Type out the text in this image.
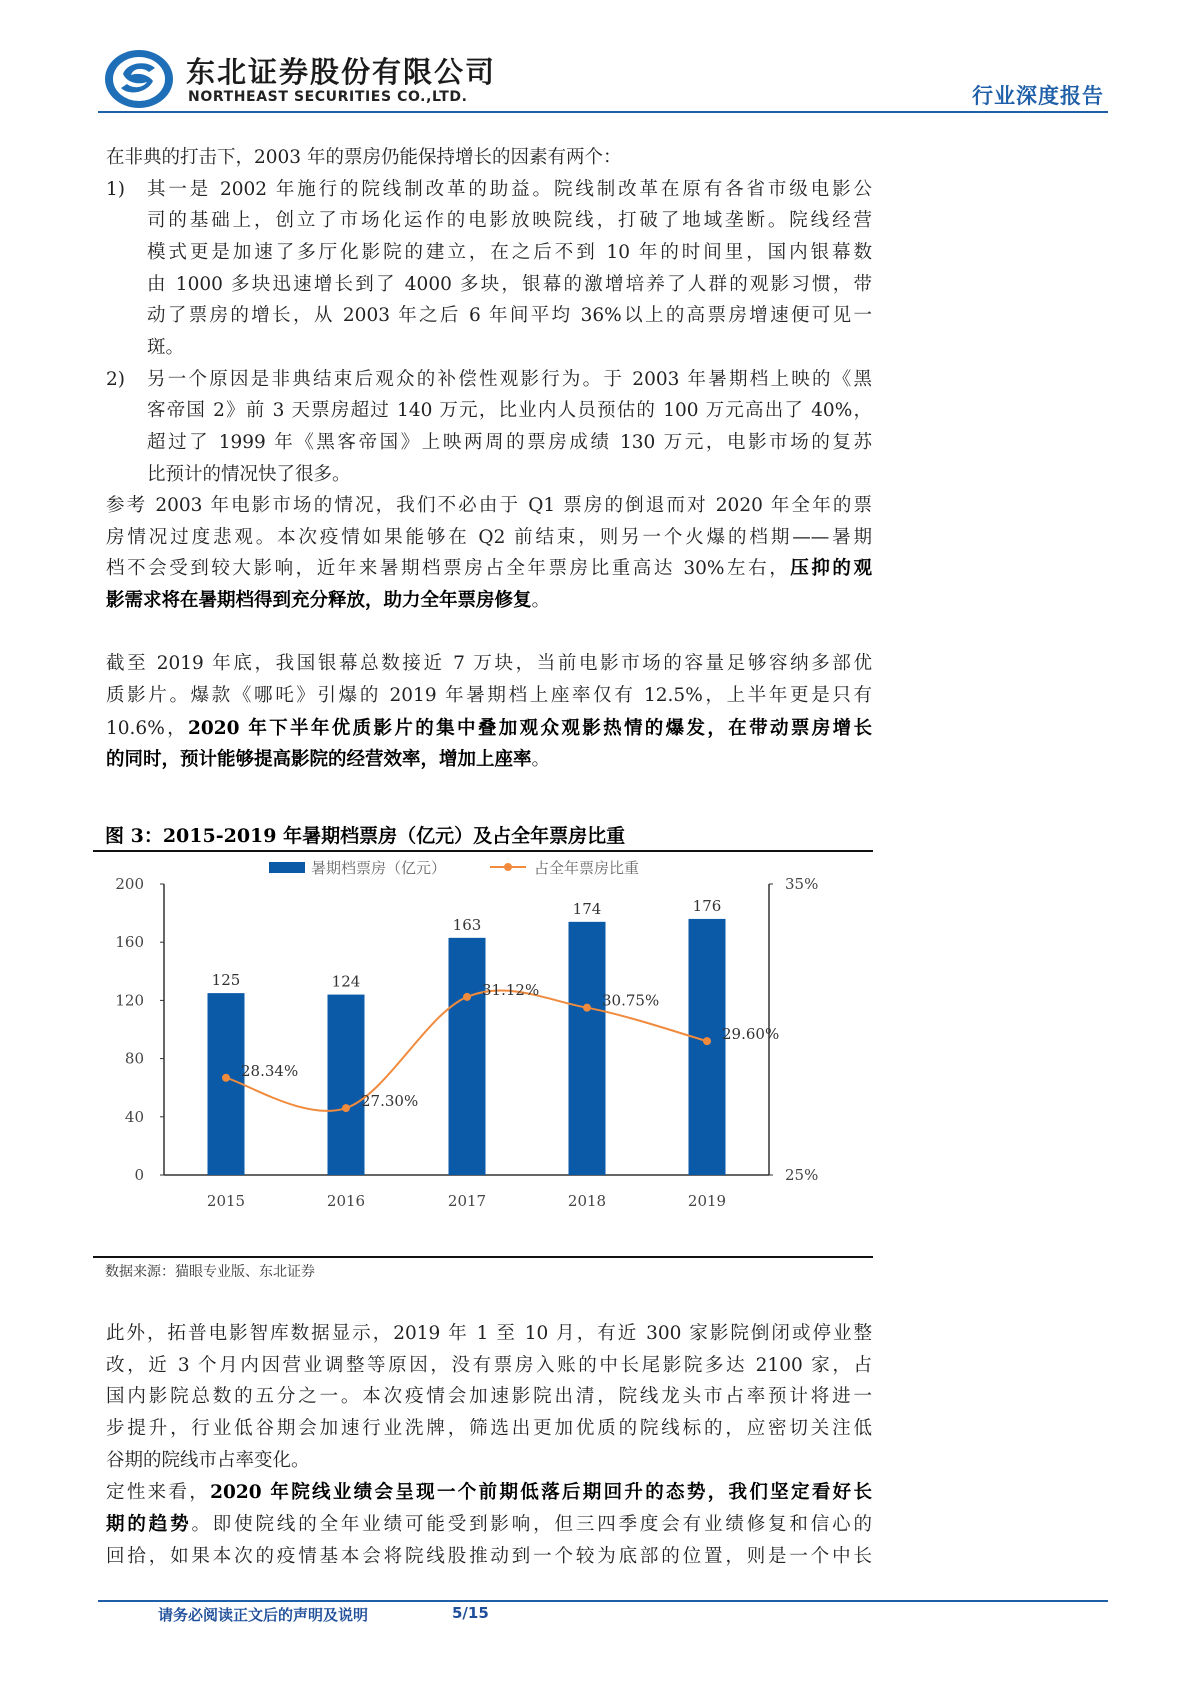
东北证券股份有限公司
NORTHEAST SECURITIES CO.,LTD.	行业深度报告
在非典的打击下，2003 年的票房仍能保持增长的因素有两个：
1) 其一是 2002 年施行的院线制改革的助益。院线制改革在原有各省市级电影公
司的基础上，创立了市场化运作的电影放映院线，打破了地域垄断。院线经营
模式更是加速了多厅化影院的建立，在之后不到 10 年的时间里，国内银幕数
由 1000 多块迅速增长到了 4000 多块，银幕的激增培养了人群的观影习惯，带
动了票房的增长，从 2003 年之后 6 年间平均 36%以上的高票房增速便可见一
斑。
2) 另一个原因是非典结束后观众的补偿性观影行为。于 2003 年暑期档上映的《黑
客帝国 2》前 3 天票房超过 140 万元，比业内人员预估的 100 万元高出了 40%，
超过了 1999 年《黑客帝国》上映两周的票房成绩 130 万元，电影市场的复苏
比预计的情况快了很多。
参考 2003 年电影市场的情况，我们不必由于 Q1 票房的倒退而对 2020 年全年的票
房情况过度悲观。本次疫情如果能够在 Q2 前结束，则另一个火爆的档期——暑期
档不会受到较大影响，近年来暑期档票房占全年票房比重高达 30%左右，压抑的观
影需求将在暑期档得到充分释放，助力全年票房修复。
截至 2019 年底，我国银幕总数接近 7 万块，当前电影市场的容量足够容纳多部优
质影片。爆款《哪吒》引爆的 2019 年暑期档上座率仅有 12.5%，上半年更是只有
10.6%，2020 年下半年优质影片的集中叠加观众观影热情的爆发，在带动票房增长
的同时，预计能够提高影院的经营效率，增加上座率。
此外，拓普电影智库数据显示，2019 年 1 至 10 月，有近 300 家影院倒闭或停业整
改，近 3 个月内因营业调整等原因，没有票房入账的中长尾影院多达 2100 家，占
国内影院总数的五分之一。本次疫情会加速影院出清，院线龙头市占率预计将进一
步提升，行业低谷期会加速行业洗牌，筛选出更加优质的院线标的，应密切关注低
谷期的院线市占率变化。
定性来看，2020 年院线业绩会呈现一个前期低落后期回升的态势，我们坚定看好长
期的趋势。即使院线的全年业绩可能受到影响，但三四季度会有业绩修复和信心的
回拾，如果本次的疫情基本会将院线股推动到一个较为底部的位置，则是一个中长
图 3：2015-2019 年暑期档票房（亿元）及占全年票房比重
0
40
80
120
160
200
25%
35%
2015
125
2016
124
2017
163
2018
174
2019
176
28.34%
27.30%
31.12%
30.75%
29.60%
暑期档票房（亿元）	占全年票房比重
数据来源：猫眼专业版、东北证券
请务必阅读正文后的声明及说明	5/15
